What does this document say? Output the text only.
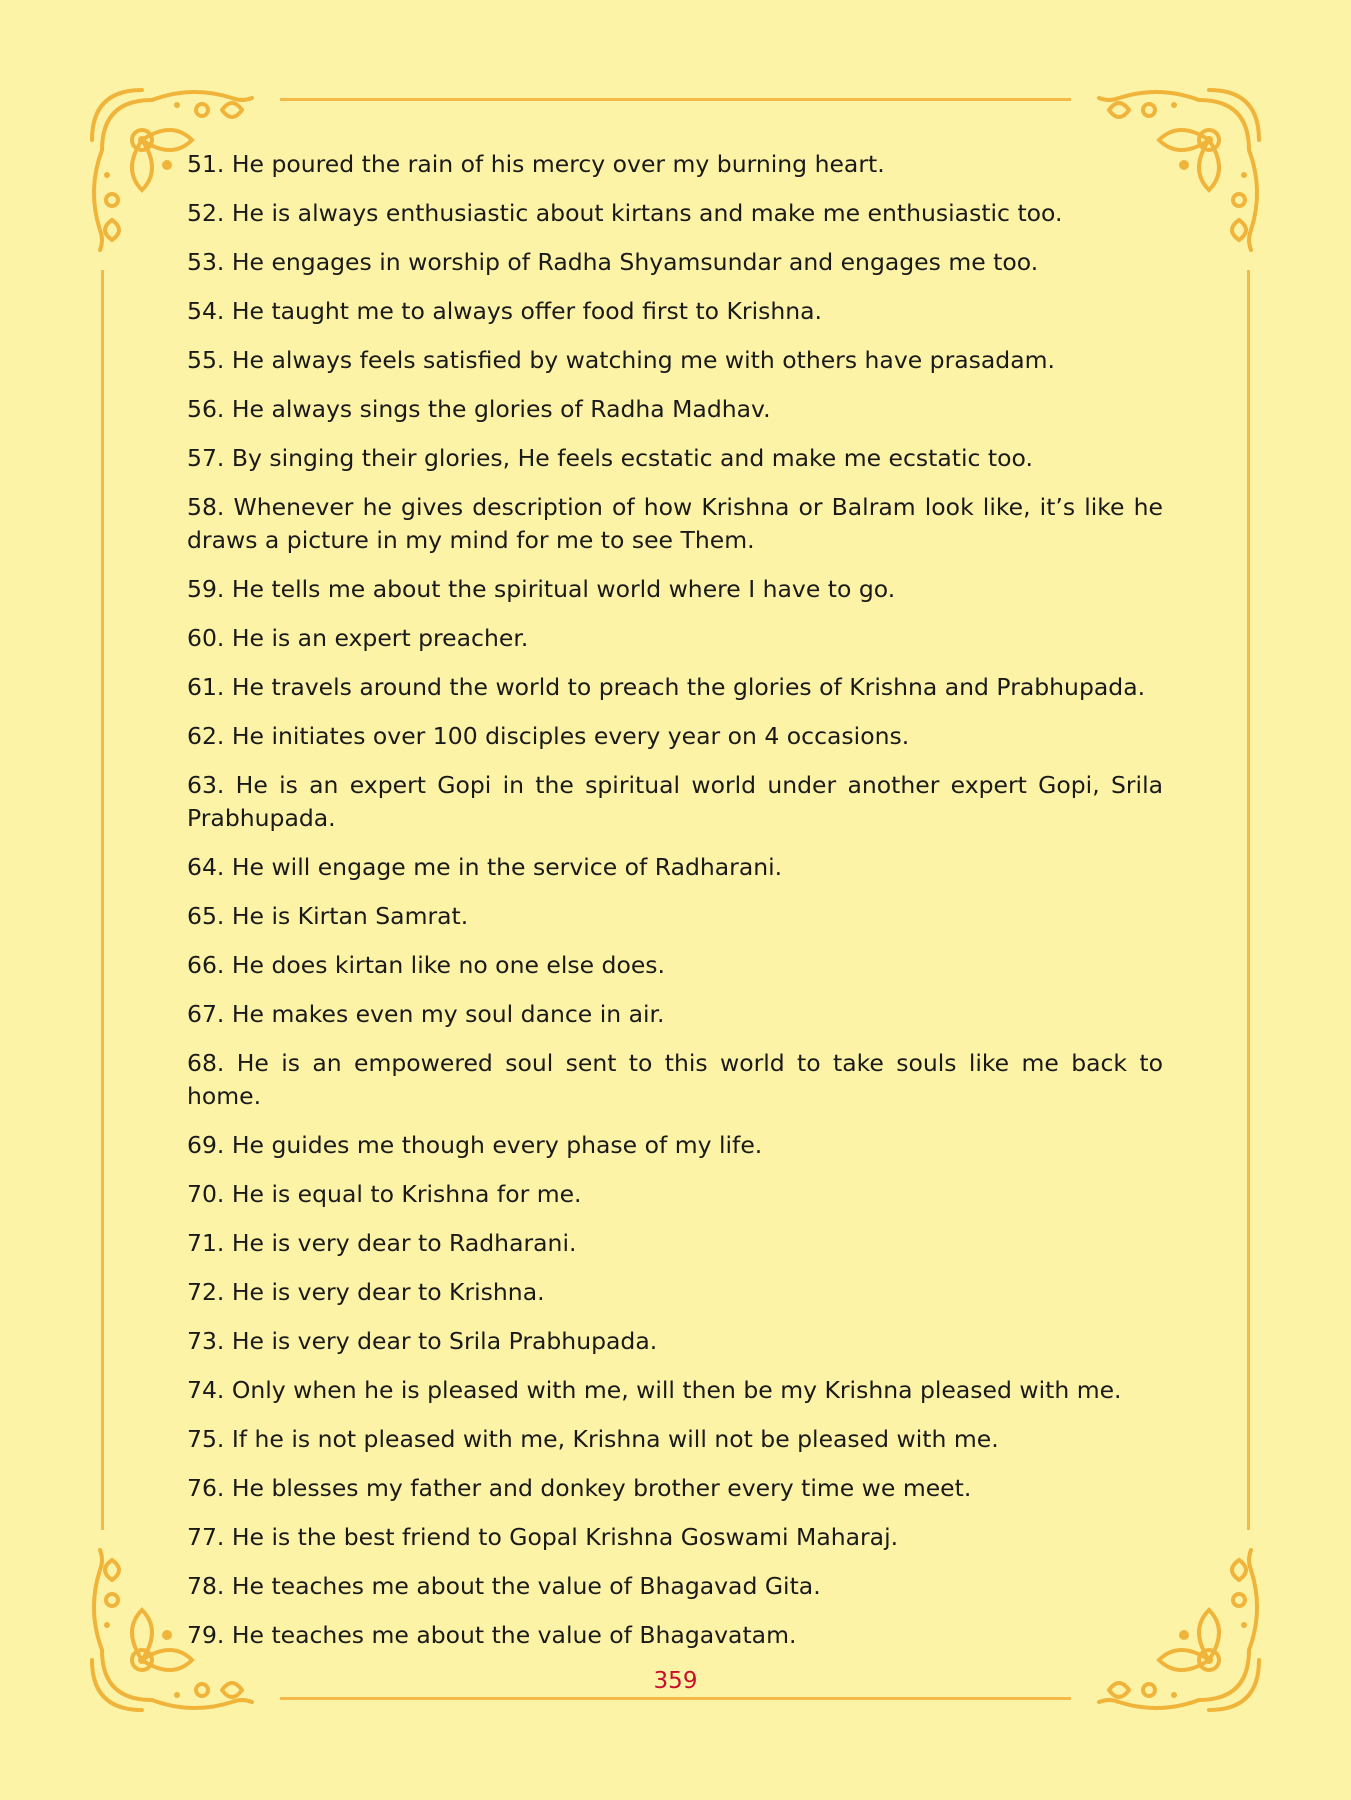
51. He poured the rain of his mercy over my burning heart.
52. He is always enthusiastic about kirtans and make me enthusiastic too.
53. He engages in worship of Radha Shyamsundar and engages me too.
54. He taught me to always offer food first to Krishna.
55. He always feels satisfied by watching me with others have prasadam.
56. He always sings the glories of Radha Madhav.
57. By singing their glories, He feels ecstatic and make me ecstatic too.
58. Whenever he gives description of how Krishna or Balram look like, it’s like he draws a picture in my mind for me to see Them.
59. He tells me about the spiritual world where I have to go.
60. He is an expert preacher.
61. He travels around the world to preach the glories of Krishna and Prabhupada.
62. He initiates over 100 disciples every year on 4 occasions.
63. He is an expert Gopi in the spiritual world under another expert Gopi, Srila Prabhupada.
64. He will engage me in the service of Radharani.
65. He is Kirtan Samrat.
66. He does kirtan like no one else does.
67. He makes even my soul dance in air.
68. He is an empowered soul sent to this world to take souls like me back to home.
69. He guides me though every phase of my life.
70. He is equal to Krishna for me.
71. He is very dear to Radharani.
72. He is very dear to Krishna.
73. He is very dear to Srila Prabhupada.
74. Only when he is pleased with me, will then be my Krishna pleased with me.
75. If he is not pleased with me, Krishna will not be pleased with me.
76. He blesses my father and donkey brother every time we meet.
77. He is the best friend to Gopal Krishna Goswami Maharaj.
78. He teaches me about the value of Bhagavad Gita.
79. He teaches me about the value of Bhagavatam.
359
